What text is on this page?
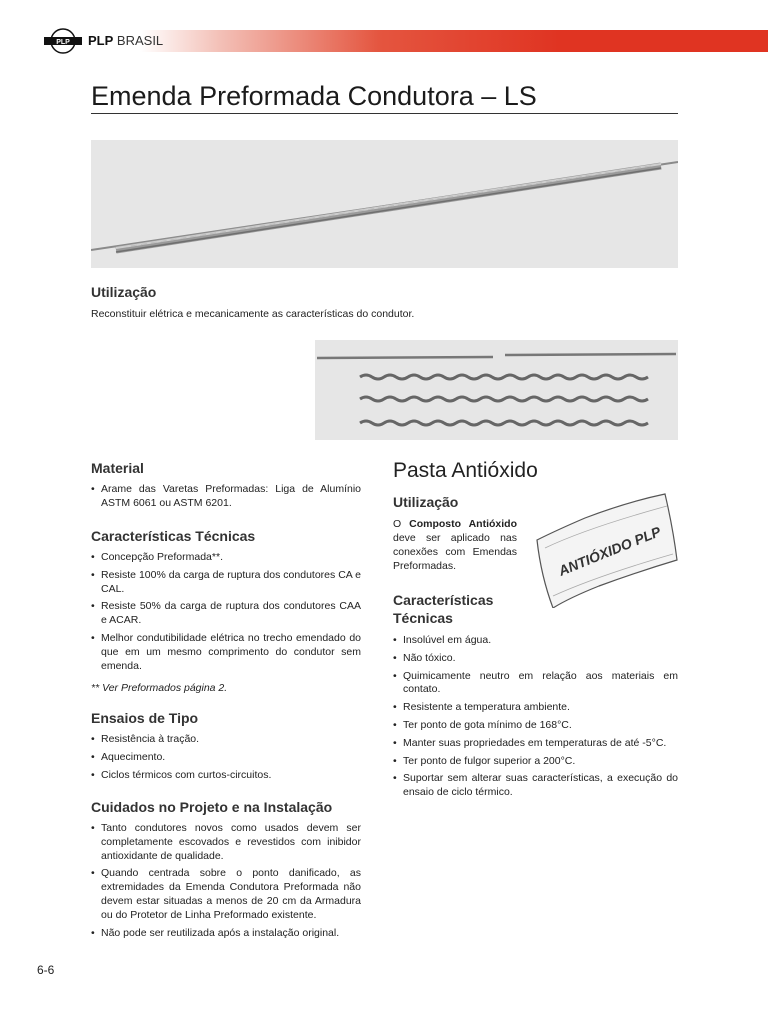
PLP PLP BRASIL
Emenda Preformada Condutora – LS
Utilização

Reconstituir elétrica e mecanicamente as características do condutor.

Material
• Arame das Varetas Preformadas: Liga de Alumínio ASTM 6061 ou ASTM 6201.
Características Técnicas
• Concepção Preformada**.
• Resiste 100% da carga de ruptura dos condutores CA e CAL.
• Resiste 50% da carga de ruptura dos condutores CAA e ACAR.
• Melhor condutibilidade elétrica no trecho emendado do que em um mesmo comprimento do condutor sem emenda.

** Ver Preformados página 2.

Ensaios de Tipo
• Resistência à tração.
• Aquecimento.
• Ciclos térmicos com curtos-circuitos.
Cuidados no Projeto e na Instalação
• Tanto condutores novos como usados devem ser completamente escovados e revestidos com inibidor antioxidante de qualidade.
• Quando centrada sobre o ponto danificado, as extremidades da Emenda Condutora Preformada não devem estar situadas a menos de 20 cm da Armadura ou do Protetor de Linha Preformado existente.
• Não pode ser reutilizada após a instalação original.
Pasta Antióxido
Utilização

O Composto Antióxido deve ser aplicado nas conexões com Emendas Preformadas.	ANTIÓXIDO PLP
Características
Técnicas
• Insolúvel em água.
• Não tóxico.
• Quimicamente neutro em relação aos materiais em contato.
• Resistente a temperatura ambiente.
• Ter ponto de gota mínimo de 168°C.
• Manter suas propriedades em temperaturas de até -5°C.
• Ter ponto de fulgor superior a 200°C.
• Suportar sem alterar suas características, a execução do ensaio de ciclo térmico.
6-6
